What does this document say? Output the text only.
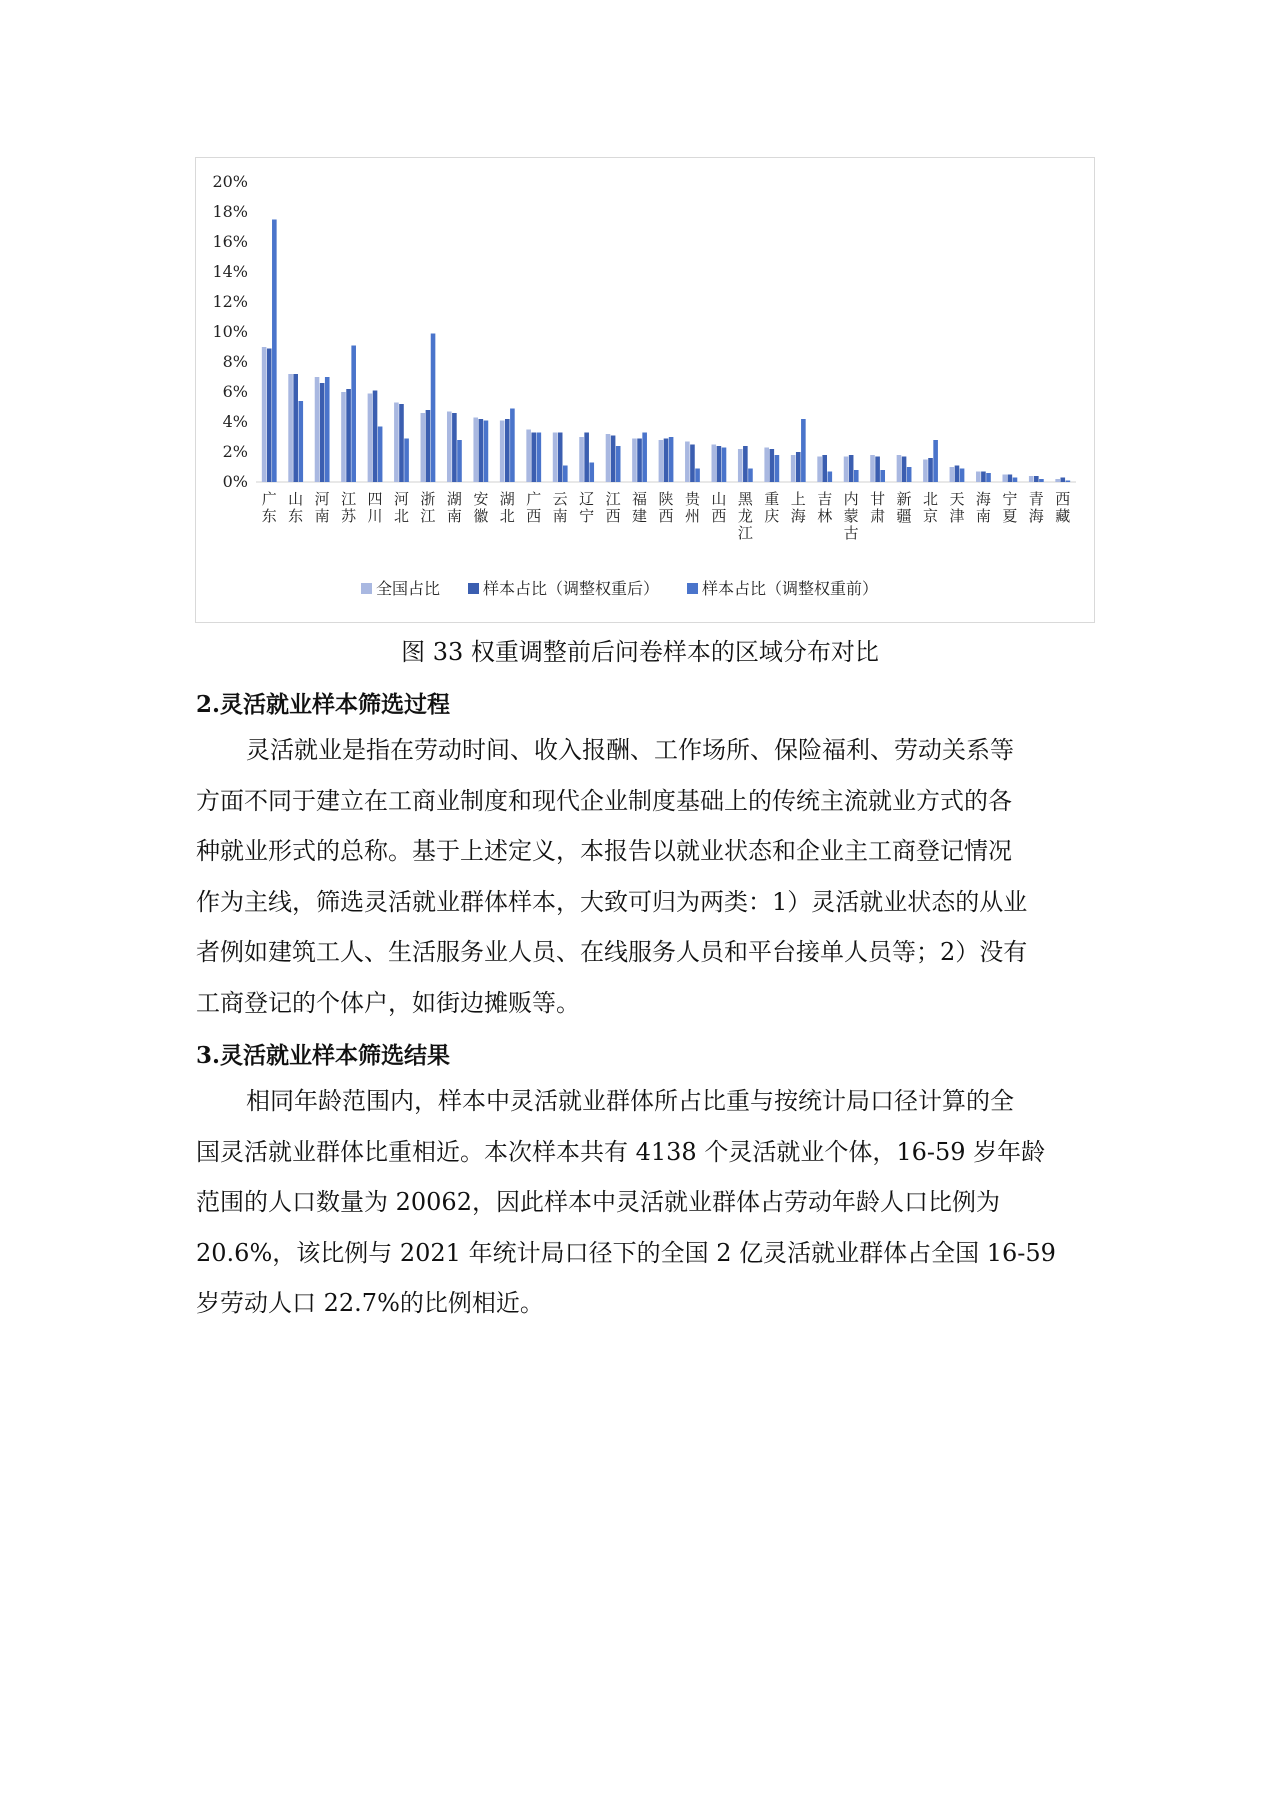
20%
18%
16%
14%
12%
10%
8%
6%
4%
2%
0%
广东
山东
河南
江苏
四川
河北
浙江
湖南
安徽
湖北
广西
云南
辽宁
江西
福建
陕西
贵州
山西
黑龙江
重庆
上海
吉林
内蒙古
甘肃
新疆
北京
天津
海南
宁夏
青海
西藏
全国占比	样本占比（调整权重后）	样本占比（调整权重前）
图 33 权重调整前后问卷样本的区域分布对比
2.灵活就业样本筛选过程
灵活就业是指在劳动时间、收入报酬、工作场所、保险福利、劳动关系等
方面不同于建立在工商业制度和现代企业制度基础上的传统主流就业方式的各
种就业形式的总称。基于上述定义，本报告以就业状态和企业主工商登记情况
作为主线，筛选灵活就业群体样本，大致可归为两类：1）灵活就业状态的从业
者例如建筑工人、生活服务业人员、在线服务人员和平台接单人员等；2）没有
工商登记的个体户，如街边摊贩等。
3.灵活就业样本筛选结果
相同年龄范围内，样本中灵活就业群体所占比重与按统计局口径计算的全
国灵活就业群体比重相近。本次样本共有 4138 个灵活就业个体，16-59 岁年龄
范围的人口数量为 20062，因此样本中灵活就业群体占劳动年龄人口比例为
20.6%，该比例与 2021 年统计局口径下的全国 2 亿灵活就业群体占全国 16-59
岁劳动人口 22.7%的比例相近。
